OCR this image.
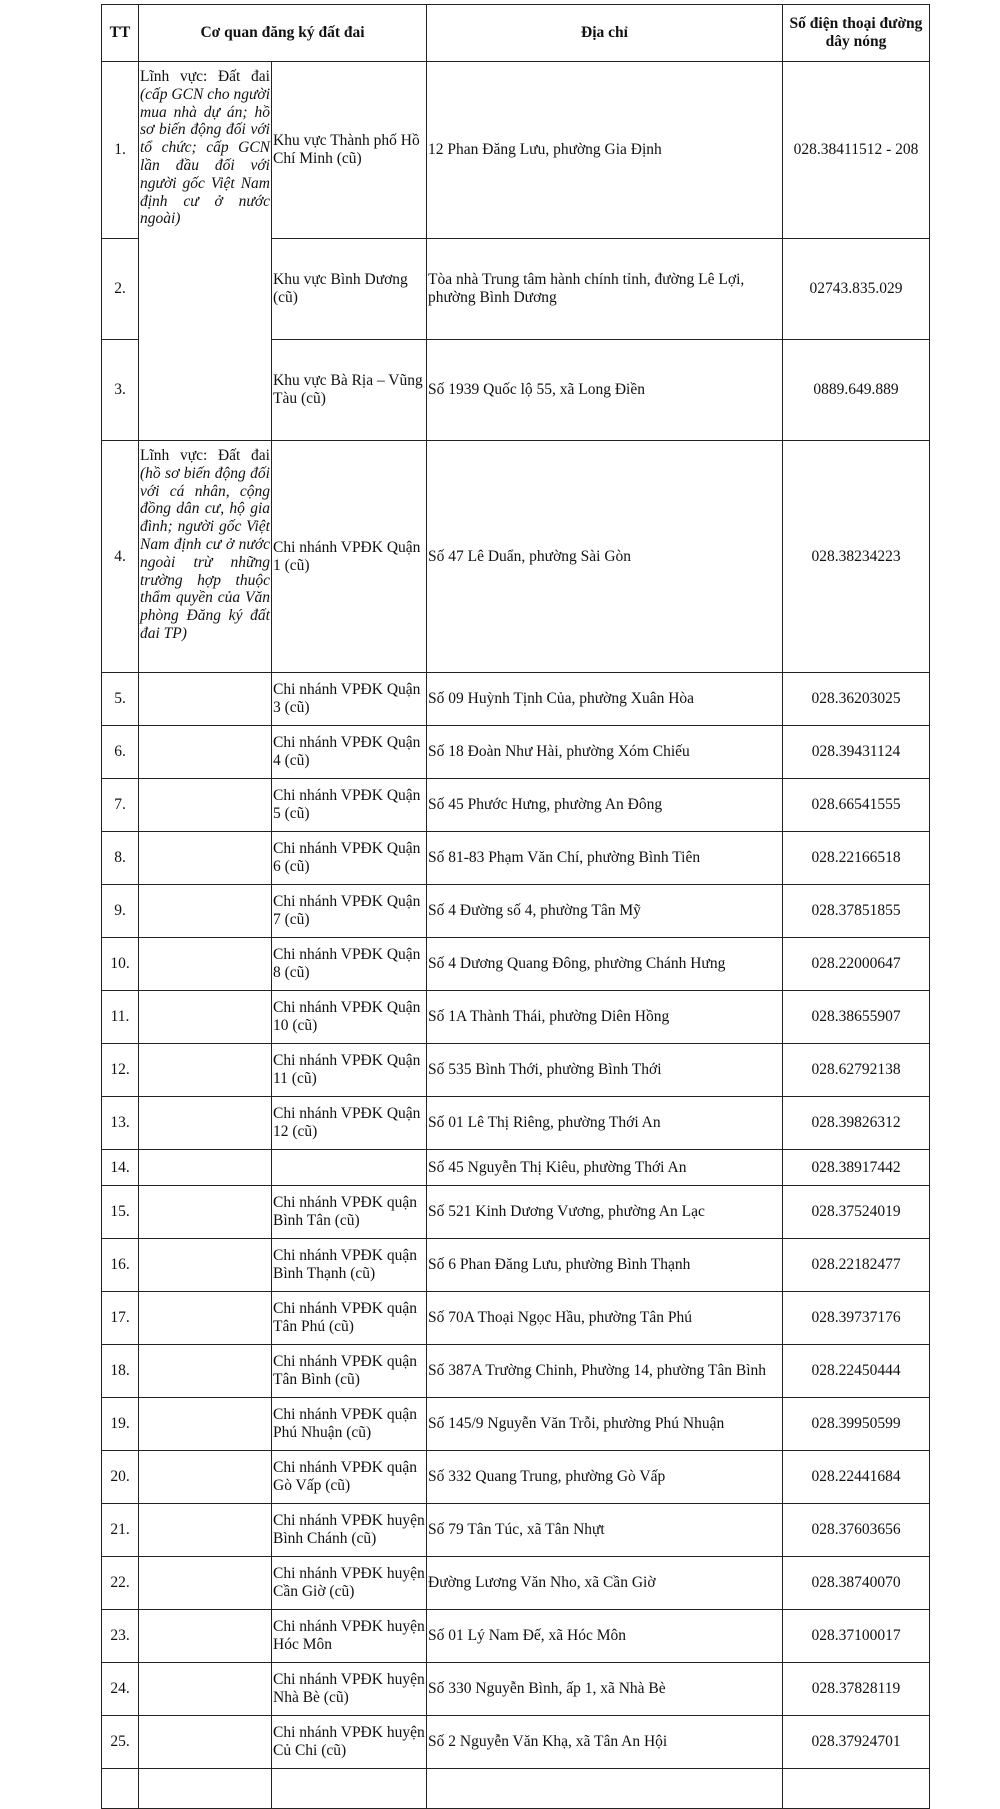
TT	Cơ quan đăng ký đất đai	Địa chỉ	Số điện thoại đường dây nóng
1.	
Lĩnh vực: Đất đai (cấp GCN cho người mua nhà dự án; hồ sơ biến động đối với tổ chức; cấp GCN lần đầu đối với người gốc Việt Nam định cư ở nước ngoài)
	Khu vực Thành phố Hồ Chí Minh (cũ)	12 Phan Đăng Lưu, phường Gia Định	028.38411512 - 208
2.	Khu vực Bình Dương (cũ)	Tòa nhà Trung tâm hành chính tỉnh, đường Lê Lợi, phường Bình Dương	02743.835.029
3.	Khu vực Bà Rịa – Vũng Tàu (cũ)	Số 1939 Quốc lộ 55, xã Long Điền	0889.649.889
4.	
Lĩnh vực: Đất đai (hồ sơ biến động đối với cá nhân, cộng đồng dân cư, hộ gia đình; người gốc Việt Nam định cư ở nước ngoài trừ những trường hợp thuộc thẩm quyền của Văn phòng Đăng ký đất đai TP)
	Chi nhánh VPĐK Quận 1 (cũ)	Số 47 Lê Duẩn, phường Sài Gòn	028.38234223
5.		Chi nhánh VPĐK Quận 3 (cũ)	Số 09 Huỳnh Tịnh Của, phường Xuân Hòa	028.36203025
6.		Chi nhánh VPĐK Quận 4 (cũ)	Số 18 Đoàn Như Hài, phường Xóm Chiếu	028.39431124
7.		Chi nhánh VPĐK Quận 5 (cũ)	Số 45 Phước Hưng, phường An Đông	028.66541555
8.		Chi nhánh VPĐK Quận 6 (cũ)	Số 81-83 Phạm Văn Chí, phường Bình Tiên	028.22166518
9.		Chi nhánh VPĐK Quận 7 (cũ)	Số 4 Đường số 4, phường Tân Mỹ	028.37851855
10.		Chi nhánh VPĐK Quận 8 (cũ)	Số 4 Dương Quang Đông, phường Chánh Hưng	028.22000647
11.		Chi nhánh VPĐK Quận 10 (cũ)	Số 1A Thành Thái, phường Diên Hồng	028.38655907
12.		Chi nhánh VPĐK Quận 11 (cũ)	Số 535 Bình Thới, phường Bình Thới	028.62792138
13.		Chi nhánh VPĐK Quận 12 (cũ)	Số 01 Lê Thị Riêng, phường Thới An	028.39826312
14.			Số 45 Nguyễn Thị Kiêu, phường Thới An	028.38917442
15.		Chi nhánh VPĐK quận Bình Tân (cũ)	Số 521 Kinh Dương Vương, phường An Lạc	028.37524019
16.		Chi nhánh VPĐK quận Bình Thạnh (cũ)	Số 6 Phan Đăng Lưu, phường Bình Thạnh	028.22182477
17.		Chi nhánh VPĐK quận Tân Phú (cũ)	Số 70A Thoại Ngọc Hầu, phường Tân Phú	028.39737176
18.		Chi nhánh VPĐK quận Tân Bình (cũ)	Số 387A Trường Chinh, Phường 14, phường Tân Bình	028.22450444
19.		Chi nhánh VPĐK quận Phú Nhuận (cũ)	Số 145/9 Nguyễn Văn Trỗi, phường Phú Nhuận	028.39950599
20.		Chi nhánh VPĐK quận Gò Vấp (cũ)	Số 332 Quang Trung, phường Gò Vấp	028.22441684
21.		Chi nhánh VPĐK huyện Bình Chánh (cũ)	Số 79 Tân Túc, xã Tân Nhựt	028.37603656
22.		Chi nhánh VPĐK huyện Cần Giờ (cũ)	Đường Lương Văn Nho, xã Cần Giờ	028.38740070
23.		Chi nhánh VPĐK huyện Hóc Môn	Số 01 Lý Nam Đế, xã Hóc Môn	028.37100017
24.		Chi nhánh VPĐK huyện Nhà Bè (cũ)	Số 330 Nguyễn Bình, ấp 1, xã Nhà Bè	028.37828119
25.		Chi nhánh VPĐK huyện Củ Chi (cũ)	Số 2 Nguyễn Văn Khạ, xã Tân An Hội	028.37924701
